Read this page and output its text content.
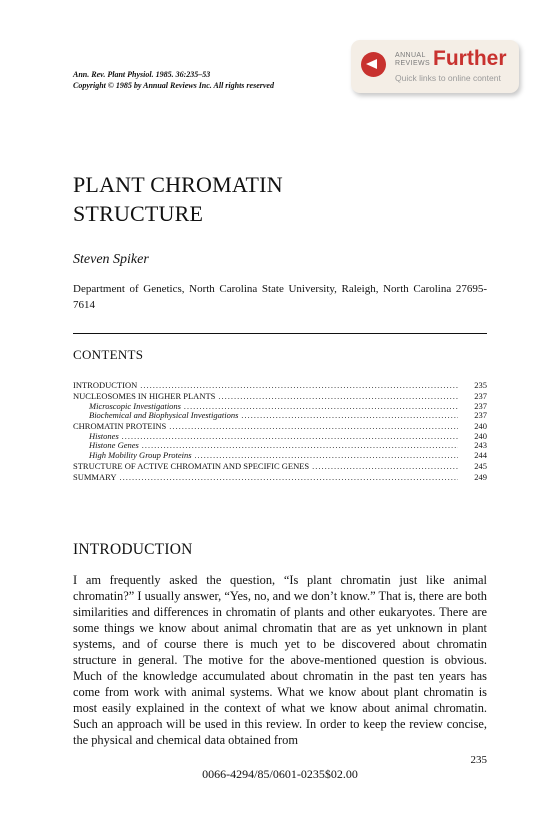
Ann. Rev. Plant Physiol. 1985. 36:235–53
Copyright © 1985 by Annual Reviews Inc. All rights reserved
ANNUAL
REVIEWS Further
Quick links to online content
PLANT CHROMATIN
STRUCTURE
Steven Spiker
Department of Genetics, North Carolina State University, Raleigh, North Carolina 27695-7614
CONTENTS
INTRODUCTION .....	235
NUCLEOSOMES IN HIGHER PLANTS .....	237
Microscopic Investigations .....	237
Biochemical and Biophysical Investigations .....	237
CHROMATIN PROTEINS .....	240
Histones .....	240
Histone Genes .....	243
High Mobility Group Proteins .....	244
STRUCTURE OF ACTIVE CHROMATIN AND SPECIFIC GENES .....	245
SUMMARY .....	249
INTRODUCTION
I am frequently asked the question, “Is plant chromatin just like animal chromatin?” I usually answer, “Yes, no, and we don’t know.” That is, there are both similarities and differences in chromatin of plants and other eukaryotes. There are some things we know about animal chromatin that are as yet unknown in plant systems, and of course there is much yet to be discovered about chromatin structure in general. The motive for the above-mentioned question is obvious. Much of the knowledge accumulated about chromatin in the past ten years has come from work with animal systems. What we know about plant chromatin is most easily explained in the context of what we know about animal chromatin. Such an approach will be used in this review. In order to keep the review concise, the physical and chemical data obtained from
235
0066-4294/85/0601-0235$02.00
